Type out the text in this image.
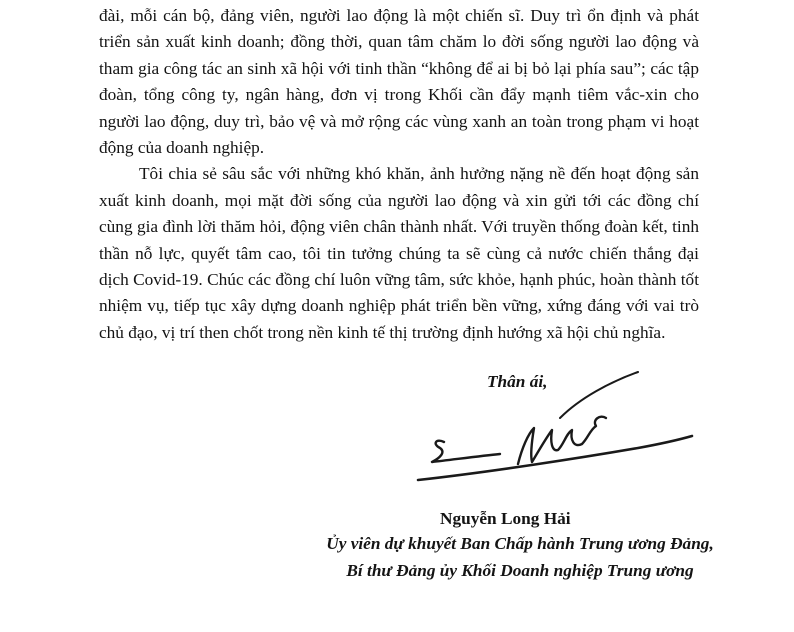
đài, mỗi cán bộ, đảng viên, người lao động là một chiến sĩ. Duy trì ổn định và phát triển sản xuất kinh doanh; đồng thời, quan tâm chăm lo đời sống người lao động và tham gia công tác an sinh xã hội với tinh thần “không để ai bị bỏ lại phía sau”; các tập đoàn, tổng công ty, ngân hàng, đơn vị trong Khối cần đẩy mạnh tiêm vắc-xin cho người lao động, duy trì, bảo vệ và mở rộng các vùng xanh an toàn trong phạm vi hoạt động của doanh nghiệp.

Tôi chia sẻ sâu sắc với những khó khăn, ảnh hưởng nặng nề đến hoạt động sản xuất kinh doanh, mọi mặt đời sống của người lao động và xin gửi tới các đồng chí cùng gia đình lời thăm hỏi, động viên chân thành nhất. Với truyền thống đoàn kết, tinh thần nỗ lực, quyết tâm cao, tôi tin tưởng chúng ta sẽ cùng cả nước chiến thắng đại dịch Covid-19. Chúc các đồng chí luôn vững tâm, sức khỏe, hạnh phúc, hoàn thành tốt nhiệm vụ, tiếp tục xây dựng doanh nghiệp phát triển bền vững, xứng đáng với vai trò chủ đạo, vị trí then chốt trong nền kinh tế thị trường định hướng xã hội chủ nghĩa.

Thân ái,
Nguyễn Long Hải
Ủy viên dự khuyết Ban Chấp hành Trung ương Đảng,
Bí thư Đảng ủy Khối Doanh nghiệp Trung ương
